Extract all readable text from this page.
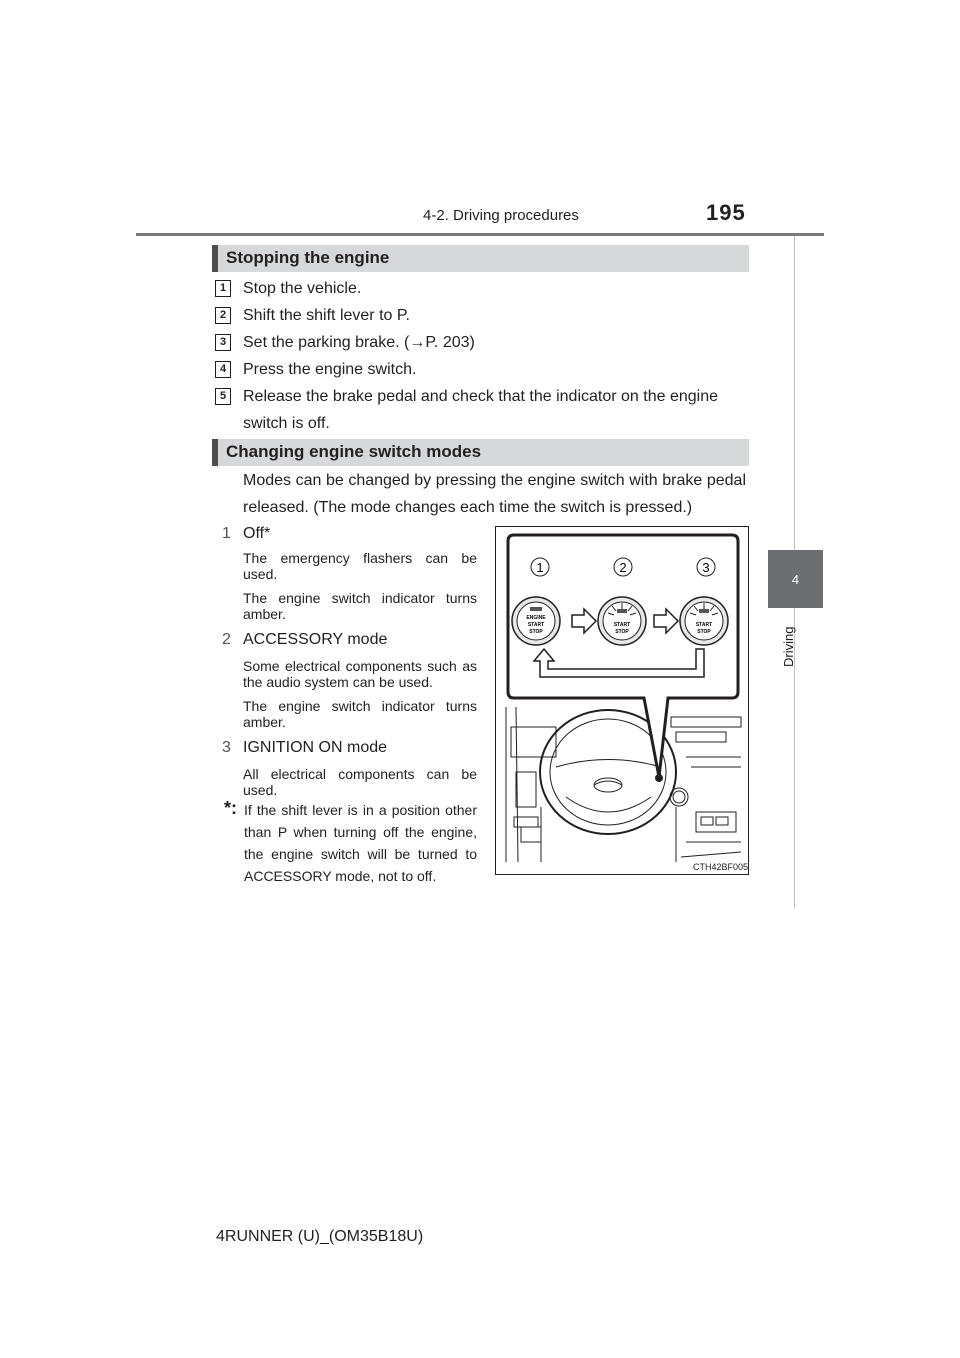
4-2. Driving procedures	195
4
Driving
Stopping the engine
1 Stop the vehicle.
2 Shift the shift lever to P.
3 Set the parking brake. (→P. 203)
4 Press the engine switch.
5 Release the brake pedal and check that the indicator on the engine
switch is off.
Changing engine switch modes
Modes can be changed by pressing the engine switch with brake pedal released. (The mode changes each time the switch is pressed.)
1 Off*
The emergency flashers can be used.
The engine switch indicator turns amber.
2 ACCESSORY mode
Some electrical components such as the audio system can be used.
The engine switch indicator turns amber.
3 IGNITION ON mode
All electrical components can be used.
*: If the shift lever is in a position other than P when turning off the engine, the engine switch will be turned to ACCESSORY mode, not to off.
1	2	3
ENGINE
START
STOP
START
STOP
START
STOP
CTH42BF005
4RUNNER (U)_(OM35B18U)
